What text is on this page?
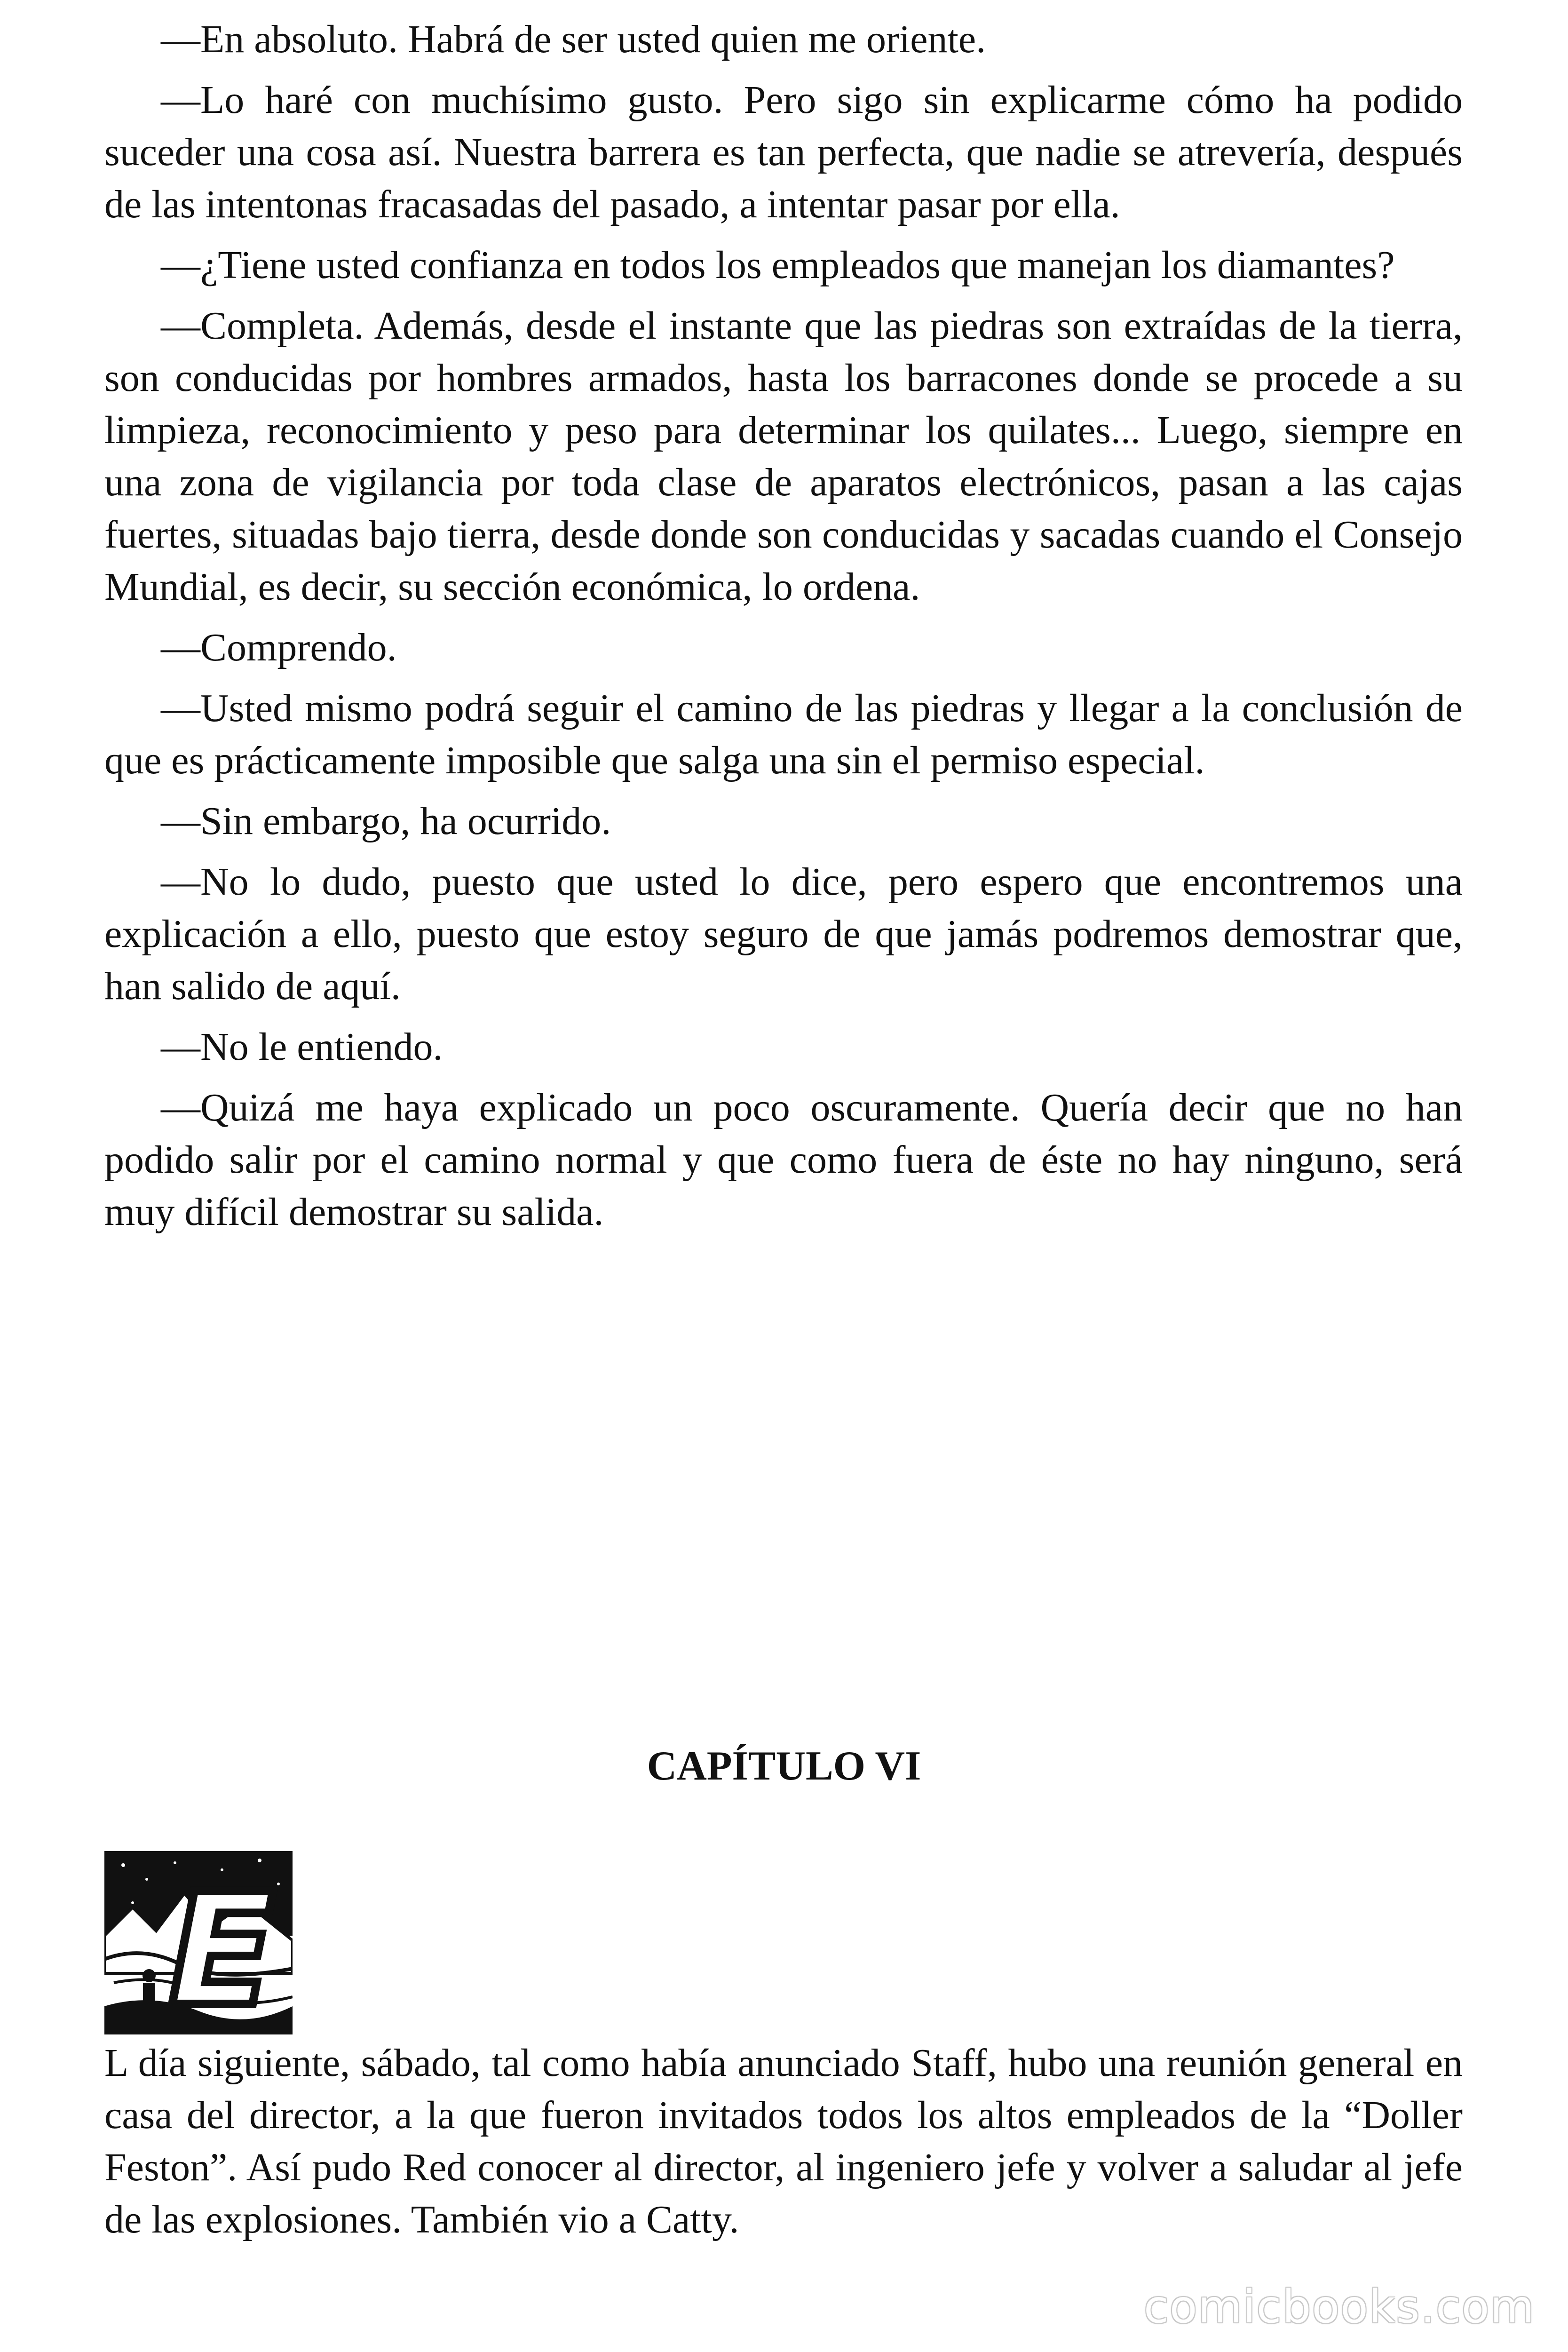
—En absoluto. Habrá de ser usted quien me oriente.

—Lo haré con muchísimo gusto. Pero sigo sin explicarme cómo ha podido suceder una cosa así. Nuestra barrera es tan perfecta, que nadie se atrevería, después de las intentonas fracasadas del pasado, a intentar pasar por ella.

—¿Tiene usted confianza en todos los empleados que manejan los diamantes?

—Completa. Además, desde el instante que las piedras son extraídas de la tierra, son conducidas por hombres armados, hasta los barracones donde se procede a su limpieza, reconocimiento y peso para determinar los quilates... Luego, siempre en una zona de vigilancia por toda clase de aparatos electrónicos, pasan a las cajas fuertes, situadas bajo tierra, desde donde son conducidas y sacadas cuando el Consejo Mundial, es decir, su sección económica, lo ordena.

—Comprendo.

—Usted mismo podrá seguir el camino de las piedras y llegar a la conclusión de que es prácticamente imposible que salga una sin el permiso especial.

—Sin embargo, ha ocurrido.

—No lo dudo, puesto que usted lo dice, pero espero que encontremos una explicación a ello, puesto que estoy seguro de que jamás podremos demostrar que, han salido de aquí.

—No le entiendo.

—Quizá me haya explicado un poco oscuramente. Quería decir que no han podido salir por el camino normal y que como fuera de éste no hay ninguno, será muy difícil demostrar su salida.

CAPÍTULO VI
E

L día siguiente, sábado, tal como había anunciado Staff, hubo una reunión general en casa del director, a la que fueron invitados todos los altos empleados de la “Doller Feston”. Así pudo Red conocer al director, al ingeniero jefe y volver a saludar al jefe de las explosiones. También vio a Catty.

comicbooks.com
